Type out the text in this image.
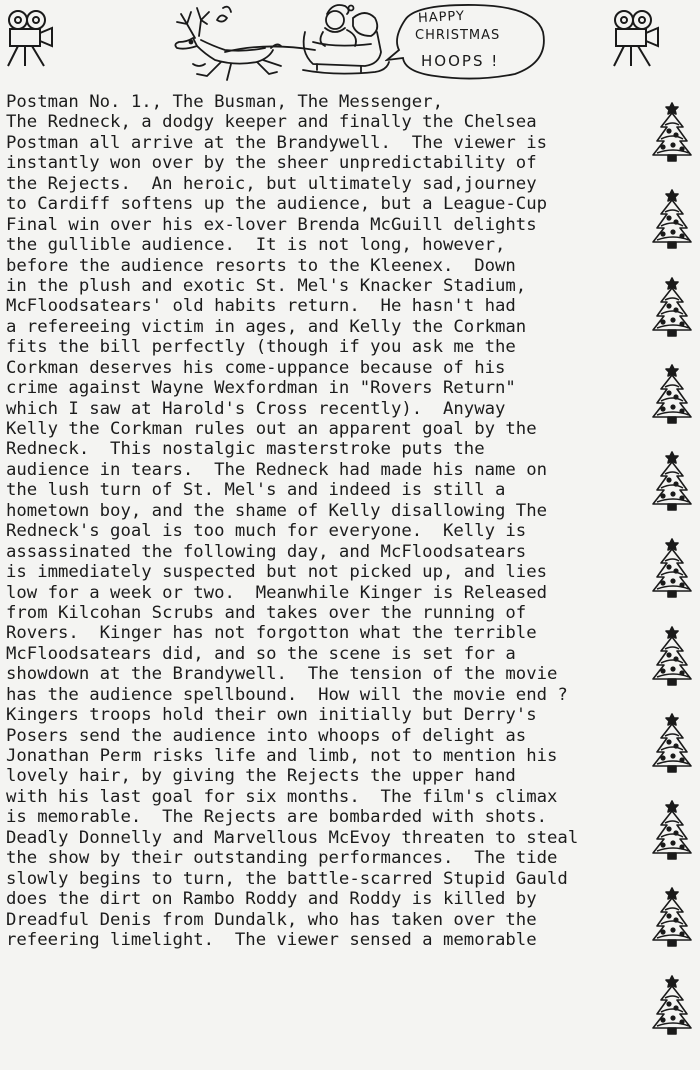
HAPPY
CHRISTMAS
HOOPS !
Postman No. 1., The Busman, The Messenger,
The Redneck, a dodgy keeper and finally the Chelsea
Postman all arrive at the Brandywell.  The viewer is
instantly won over by the sheer unpredictability of
the Rejects.  An heroic, but ultimately sad,journey
to Cardiff softens up the audience, but a League-Cup
Final win over his ex-lover Brenda McGuill delights
the gullible audience.  It is not long, however,
before the audience resorts to the Kleenex.  Down
in the plush and exotic St. Mel's Knacker Stadium,
McFloodsatears' old habits return.  He hasn't had
a refereeing victim in ages, and Kelly the Corkman
fits the bill perfectly (though if you ask me the
Corkman deserves his come-uppance because of his
crime against Wayne Wexfordman in "Rovers Return"
which I saw at Harold's Cross recently).  Anyway
Kelly the Corkman rules out an apparent goal by the
Redneck.  This nostalgic masterstroke puts the
audience in tears.  The Redneck had made his name on
the lush turn of St. Mel's and indeed is still a
hometown boy, and the shame of Kelly disallowing The
Redneck's goal is too much for everyone.  Kelly is
assassinated the following day, and McFloodsatears
is immediately suspected but not picked up, and lies
low for a week or two.  Meanwhile Kinger is Released
from Kilcohan Scrubs and takes over the running of
Rovers.  Kinger has not forgotton what the terrible
McFloodsatears did, and so the scene is set for a
showdown at the Brandywell.  The tension of the movie
has the audience spellbound.  How will the movie end ?
Kingers troops hold their own initially but Derry's
Posers send the audience into whoops of delight as
Jonathan Perm risks life and limb, not to mention his
lovely hair, by giving the Rejects the upper hand
with his last goal for six months.  The film's climax
is memorable.  The Rejects are bombarded with shots.
Deadly Donnelly and Marvellous McEvoy threaten to steal
the show by their outstanding performances.  The tide
slowly begins to turn, the battle-scarred Stupid Gauld
does the dirt on Rambo Roddy and Roddy is killed by
Dreadful Denis from Dundalk, who has taken over the
refeering limelight.  The viewer sensed a memorable
